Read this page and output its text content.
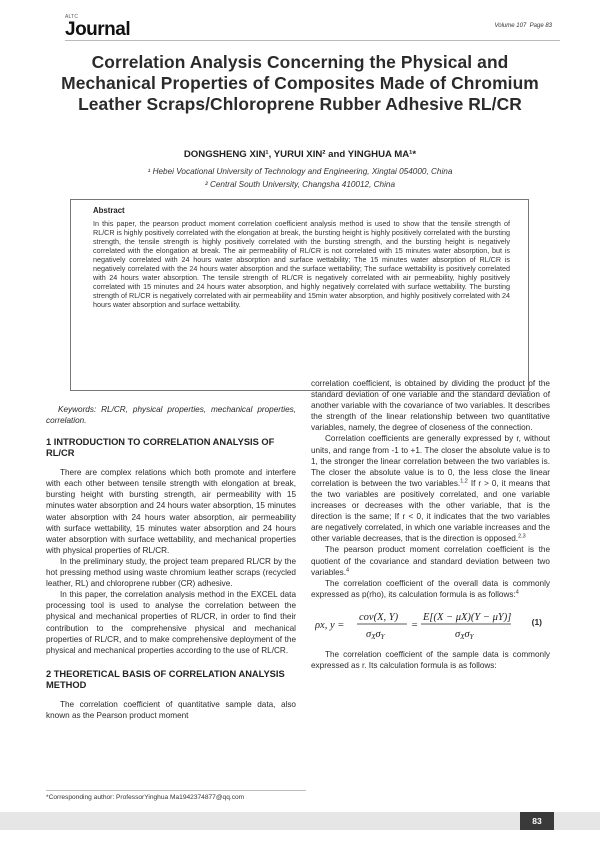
ALTC
Journal	Volume 107 Page 83
Correlation Analysis Concerning the Physical and Mechanical Properties of Composites Made of Chromium Leather Scraps/Chloroprene Rubber Adhesive RL/CR
DONGSHENG XIN¹, YURUI XIN² and YINGHUA MA¹*
¹ Hebei Vocational University of Technology and Engineering, Xingtai 054000, China
² Central South University, Changsha 410012, China
Abstract

In this paper, the pearson product moment correlation coefficient analysis method is used to show that the tensile strength of RL/CR is highly positively correlated with the elongation at break, the bursting height is highly positively correlated with the bursting strength, the tensile strength is highly positively correlated with the bursting strength, and the bursting height is negatively correlated with the elongation at break. The air permeability of RL/CR is not correlated with 15 minutes water absorption, but is negatively correlated with 24 hours water absorption and surface wettability; The 15 minutes water absorption of RL/CR is negatively correlated with the 24 hours water absorption and the surface wettability; The surface wettability is positively correlated with 24 hours water absorption. The tensile strength of RL/CR is negatively correlated with air permeability, highly positively correlated with 15 minutes and 24 hours water absorption, and highly negatively correlated with surface wettability. The bursting strength of RL/CR is negatively correlated with air permeability and 15min water absorption, and highly positively correlated with 24 hours water absorption and surface wettability.

Keywords: RL/CR, physical properties, mechanical properties, correlation.

1 INTRODUCTION TO CORRELATION ANALYSIS OF RL/CR

There are complex relations which both promote and interfere with each other between tensile strength with elongation at break, bursting height with bursting strength, air permeability with 15 minutes water absorption and 24 hours water absorption, 15 minutes water absorption with 24 hours water absorption, air permeability with surface wettability, 15 minutes water absorption and 24 hours water absorption with surface wettability, and mechanical properties with physical properties of RL/CR.

In the preliminary study, the project team prepared RL/CR by the hot pressing method using waste chromium leather scraps (recycled leather, RL) and chloroprene rubber (CR) adhesive.

In this paper, the correlation analysis method in the EXCEL data processing tool is used to analyse the correlation between the physical and mechanical properties of RL/CR, in order to find their contribution to the comprehensive physical and mechanical properties of RL/CR, and to make comprehensive deployment of the physical and mechanical properties according to the use of RL/CR.

2 THEORETICAL BASIS OF CORRELATION ANALYSIS METHOD

The correlation coefficient of quantitative sample data, also known as the Pearson product moment

correlation coefficient, is obtained by dividing the product of the standard deviation of one variable and the standard deviation of another variable with the covariance of two variables. It describes the strength of the linear relationship between two quantitative variables, namely, the degree of closeness of the connection.

Correlation coefficients are generally expressed by r, without units, and range from -1 to +1. The closer the absolute value is to 1, the stronger the linear correlation between the two variables is. The closer the absolute value is to 0, the less close the linear correlation is between the two variables.$^{1,2}$ If r > 0, it means that the two variables are positively correlated, and one variable increases or decreases with the other variable, that is the direction is the same; If r < 0, it indicates that the two variables are negatively correlated, in which one variable increases and the other variable decreases, that is the direction is opposed.$^{2,3}$

The pearson product moment correlation coefficient is the quotient of the covariance and standard deviation between two variables.$^4$

The correlation coefficient of the overall data is commonly expressed as p(rho), its calculation formula is as follows:$^4$

ρx, y =
cov(X, Y)
σXσY
=
E[(X − μX)(Y − μY)]
σXσY
(1)

The correlation coefficient of the sample data is commonly expressed as r. Its calculation formula is as follows:

*Corresponding author: ProfessorYinghua Ma1942374877@qq.com
83
